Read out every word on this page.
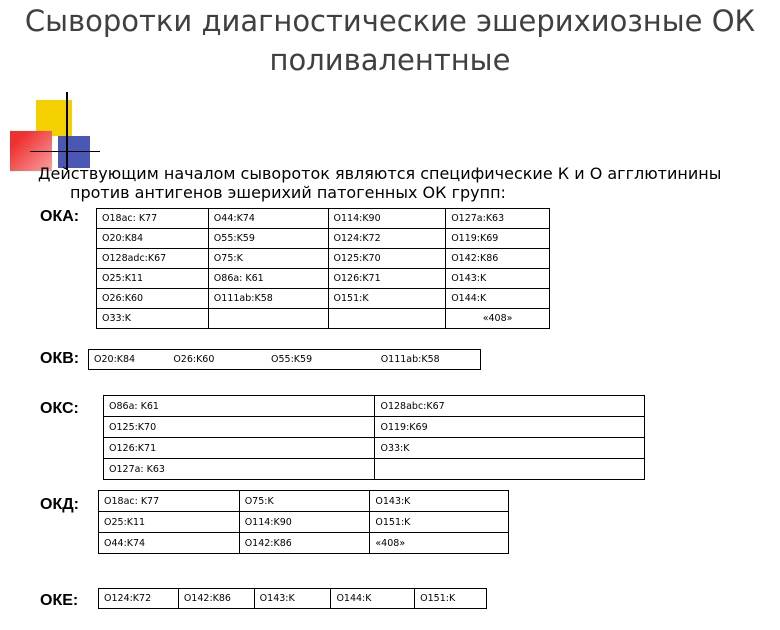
Сыворотки диагностические эшерихиозные ОК
поливалентные
Действующим началом сывороток являются специфические К и О агглютинины
против антигенов эшерихий патогенных ОК групп:
ОКА: O18ac: K77	O44:K74	O114:K90	O127a:K63
O20:K84	O55:K59	O124:K72	O119:K69
O128adc:K67	O75:K	O125:K70	O142:K86
O25:K11	O86a: K61	O126:K71	O143:K
O26:K60	O111ab:K58	O151:K	O144:K
O33:K			«408»
ОКВ: O20:K84	O26:K60	O55:K59	O111ab:K58
ОКС:	O86a: K61	O128abc:K67
O125:K70	O119:K69
O126:K71	O33:K
O127a: K63	
ОКД:	O18ac: K77	O75:K	O143:K
O25:K11	O114:K90	O151:K
O44:K74	O142:K86	«408»
ОКЕ:	O124:K72	O142:K86	O143:K	O144:K	O151:K
